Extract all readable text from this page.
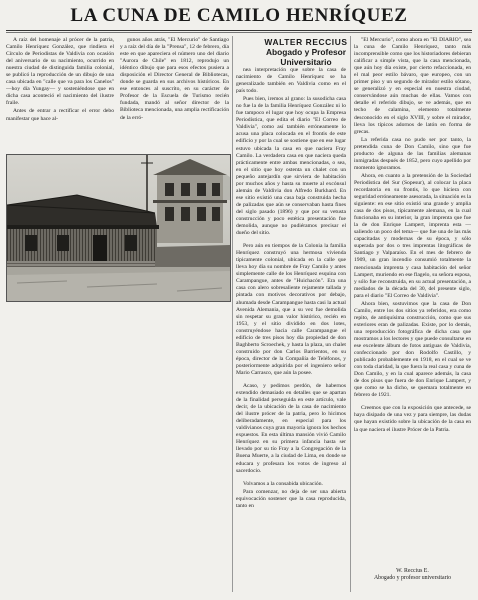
LA CUNA DE CAMILO HENRÍQUEZ

A raíz del homenaje al prócer de la patria, Camilo Henríquez González, que rindiera el Círculo de Periodistas de Valdivia con ocasión del aniversario de su nacimiento, ocurrido en nuestra ciudad de distinguida familia colonial, se publicó la reproducción de un dibujo de una casa ubicada en "calle que va para los Canelos" —hoy día Yungay— y sosteniéndose que en dicha casa aconteció el nacimiento del ilustre fraile.

Antes de entrar a rectificar el error debo manifestar que hace al-

gunos años atrás, "El Mercurio" de Santiago y a raíz del día de la "Prensa", 12 de febrero, día este en que apareciera el número uno del diario "Aurora de Chile" en 1812, reprodujo un idéntico dibujo que para esos efectos pusiera a disposición el Director General de Bibliotecas, donde se guarda en sus archivos históricos. En ese entonces al suscrito, en su carácter de Profesor de la Escuela de Turismo recién fundada, mandó al señor director de la Biblioteca mencionada, una amplia rectificación de la erró-

WALTER RECCIUS
Abogado y Profesor Universitario

nea interpretación que sobre la casa de nacimiento de Camilo Henríquez se ha generalizado también en Valdivia como en el país todo.

Pues bien, iremos al grano: la susodicha casa no fue la de la familia Henríquez González ni lo fue tampoco el lugar que hoy ocupa la Empresa Periodística, que edita el diario "El Correo de Valdivia", como así también erróneamente lo acusa una placa colocada en el frontis de este edificio y por la cual se sostiene que en ese lugar estuvo ubicada la casa en que naciera Fray Camilo. La verdadera casa en que naciera queda prácticamente entre ambas mencionadas, o sea, en el sitio que hoy ostenta un chalet con un pequeño antejardín que sirviera de habitación por muchos años y hasta su muerte al excónsul alemán de Valdivia don Alfredo Burkhard. En ese sitio existió una casa baja construida hecha de palizadas que aún se conservaban hasta fines del siglo pasado (1896) y que por su vetusta construcción y poco estética presentación fue demolida, aunque no pudiéramos precisar el dueño del sitio.

Pero aún en tiempos de la Colonia la familia Henríquez construyó una hermosa vivienda típicamente colonial, ubicada en la calle que lleva hoy día su nombre de Fray Camilo y antes simplemente calle de los Henríquez esquina con Carampangue, antes de "Huichacón". Era una casa con alero sobresaliente rejamente tallada y pintada con motivos decorativos por debajo, ahumada desde Carampangue hasta casi la actual Avenida Alemania, que a su vez fue demolida sin respetar su gran valor histórico, recién en 1953, y el sitio dividido en dos lotes, construyéndose hacia calle Carampangue el edificio de tres pisos hoy día propiedad de don Baghberto Scroechek, y hasta la plaza, un chalet construido por don Carlos Barrientos, en su época, director de la Compañía de Teléfonos, y posteriormente adquirida por el ingeniero señor Mario Carrasco, que aún la posee.

Acaso, y pedimos perdón, de habernos extendido demasiado en detalles que se apartan de la finalidad perseguida en este artículo, vale decir, de la ubicación de la casa de nacimiento del ilustre prócer de la patria, pero lo hicimos deliberadamente, en especial para los valdivianos cuya gran mayoría ignora los hechos expuestos. En esta última mansión vivió Camilo Henríquez en su primera infancia hasta ser llevado por su tío Fray a la Congregación de la Buena Muerte, a la ciudad de Lima, en donde se educara y profesara los votos de ingreso al sacerdocio.

Volvamos a la consabida ubicación.

Para comenzar, no deja de ser una abierta equivocación sostener que la casa reproducida, tanto en

"El Mercurio", como ahora en "El DIARIO", sea la cuna de Camilo Henríquez, tanto más incomprensible como que los historiadores debieran calificar a simple vista, que la casa mencionada, que aún hoy día existe, por cierto refaccionada, en el mal peor estilo bávaro, que europeo, con un primer piso y un segundo de mirador estilo sótano, se generalizó y en especial en nuestra ciudad, conservándose aún muchas de ellas. Vamos con detalle el referido dibujo, se ve además, que en techo de calamina, elemento totalmente desconocido en el siglo XVIII, y sobre el mirador, lleva los típicos adornos de latón en forma de grecas.

La referida casa no pudo ser por tanto, la pretendida cuna de Don Camilo, sino que fue producto de alguna de las familias alemanas inmigradas después de 1852, pero cuyo apellido por momento ignoramos.

Ahora, en cuanto a la pretensión de la Sociedad Periodística del Sur (Sopesur), al colocar la placa recordatoria en su frontis, lo que hiciera con seguridad erróneamente asesorada, la situación es la siguiente: en ese sitio existió una grande y amplia casa de dos pisos, típicamente alemana, en la cual funcionaba en su interior, la gran imprenta que fue la de don Enrique Lampert, imprenta esta —saliendo un poco del tema— que fue una de las más capacitadas y modernas de su época, y sólo superada por dos o tres imprentas litográficas de Santiago y Valparaíso. En el mes de febrero de 1909, un gran incendio consumió totalmente la mencionada imprenta y casa habitación del señor Lampert, muriendo en ese flagelo, su señora esposa, y sólo fue reconstruida, en su actual presentación, a mediados de la década del 30, del presente siglo, para el diario "El Correo de Valdivia".

Ahora bien, sostuvimos que la casa de Don Camilo, entre los dos sitios ya referidos, era como repito, de antiquísima construcción, como que sus exteriores eran de palizadas. Existe, por lo demás, una reproducción fotográfica de dicha casa que mostramos a los lectores y que puede consultarse en ese excelente álbum de fotos antiguas de Valdivia, confeccionado por don Rodolfo Castillo, y publicado probablemente en 1918, en el cual se ve con toda claridad, la que fuera la real casa y cuna de Don Camilo, y en la cual aparece además, la casa de dos pisos que fuera de don Enrique Lampert, y que como se ha dicho, se quemara totalmente en febrero de 1921.

Creemos que con la exposición que antecede, se haya disipado de una vez y para siempre, las dudas que hayan existido sobre la ubicación de la casa en la que naciera el ilustre Prócer de la Patria.

W. Reccius E.
Abogado y profesor universitario
